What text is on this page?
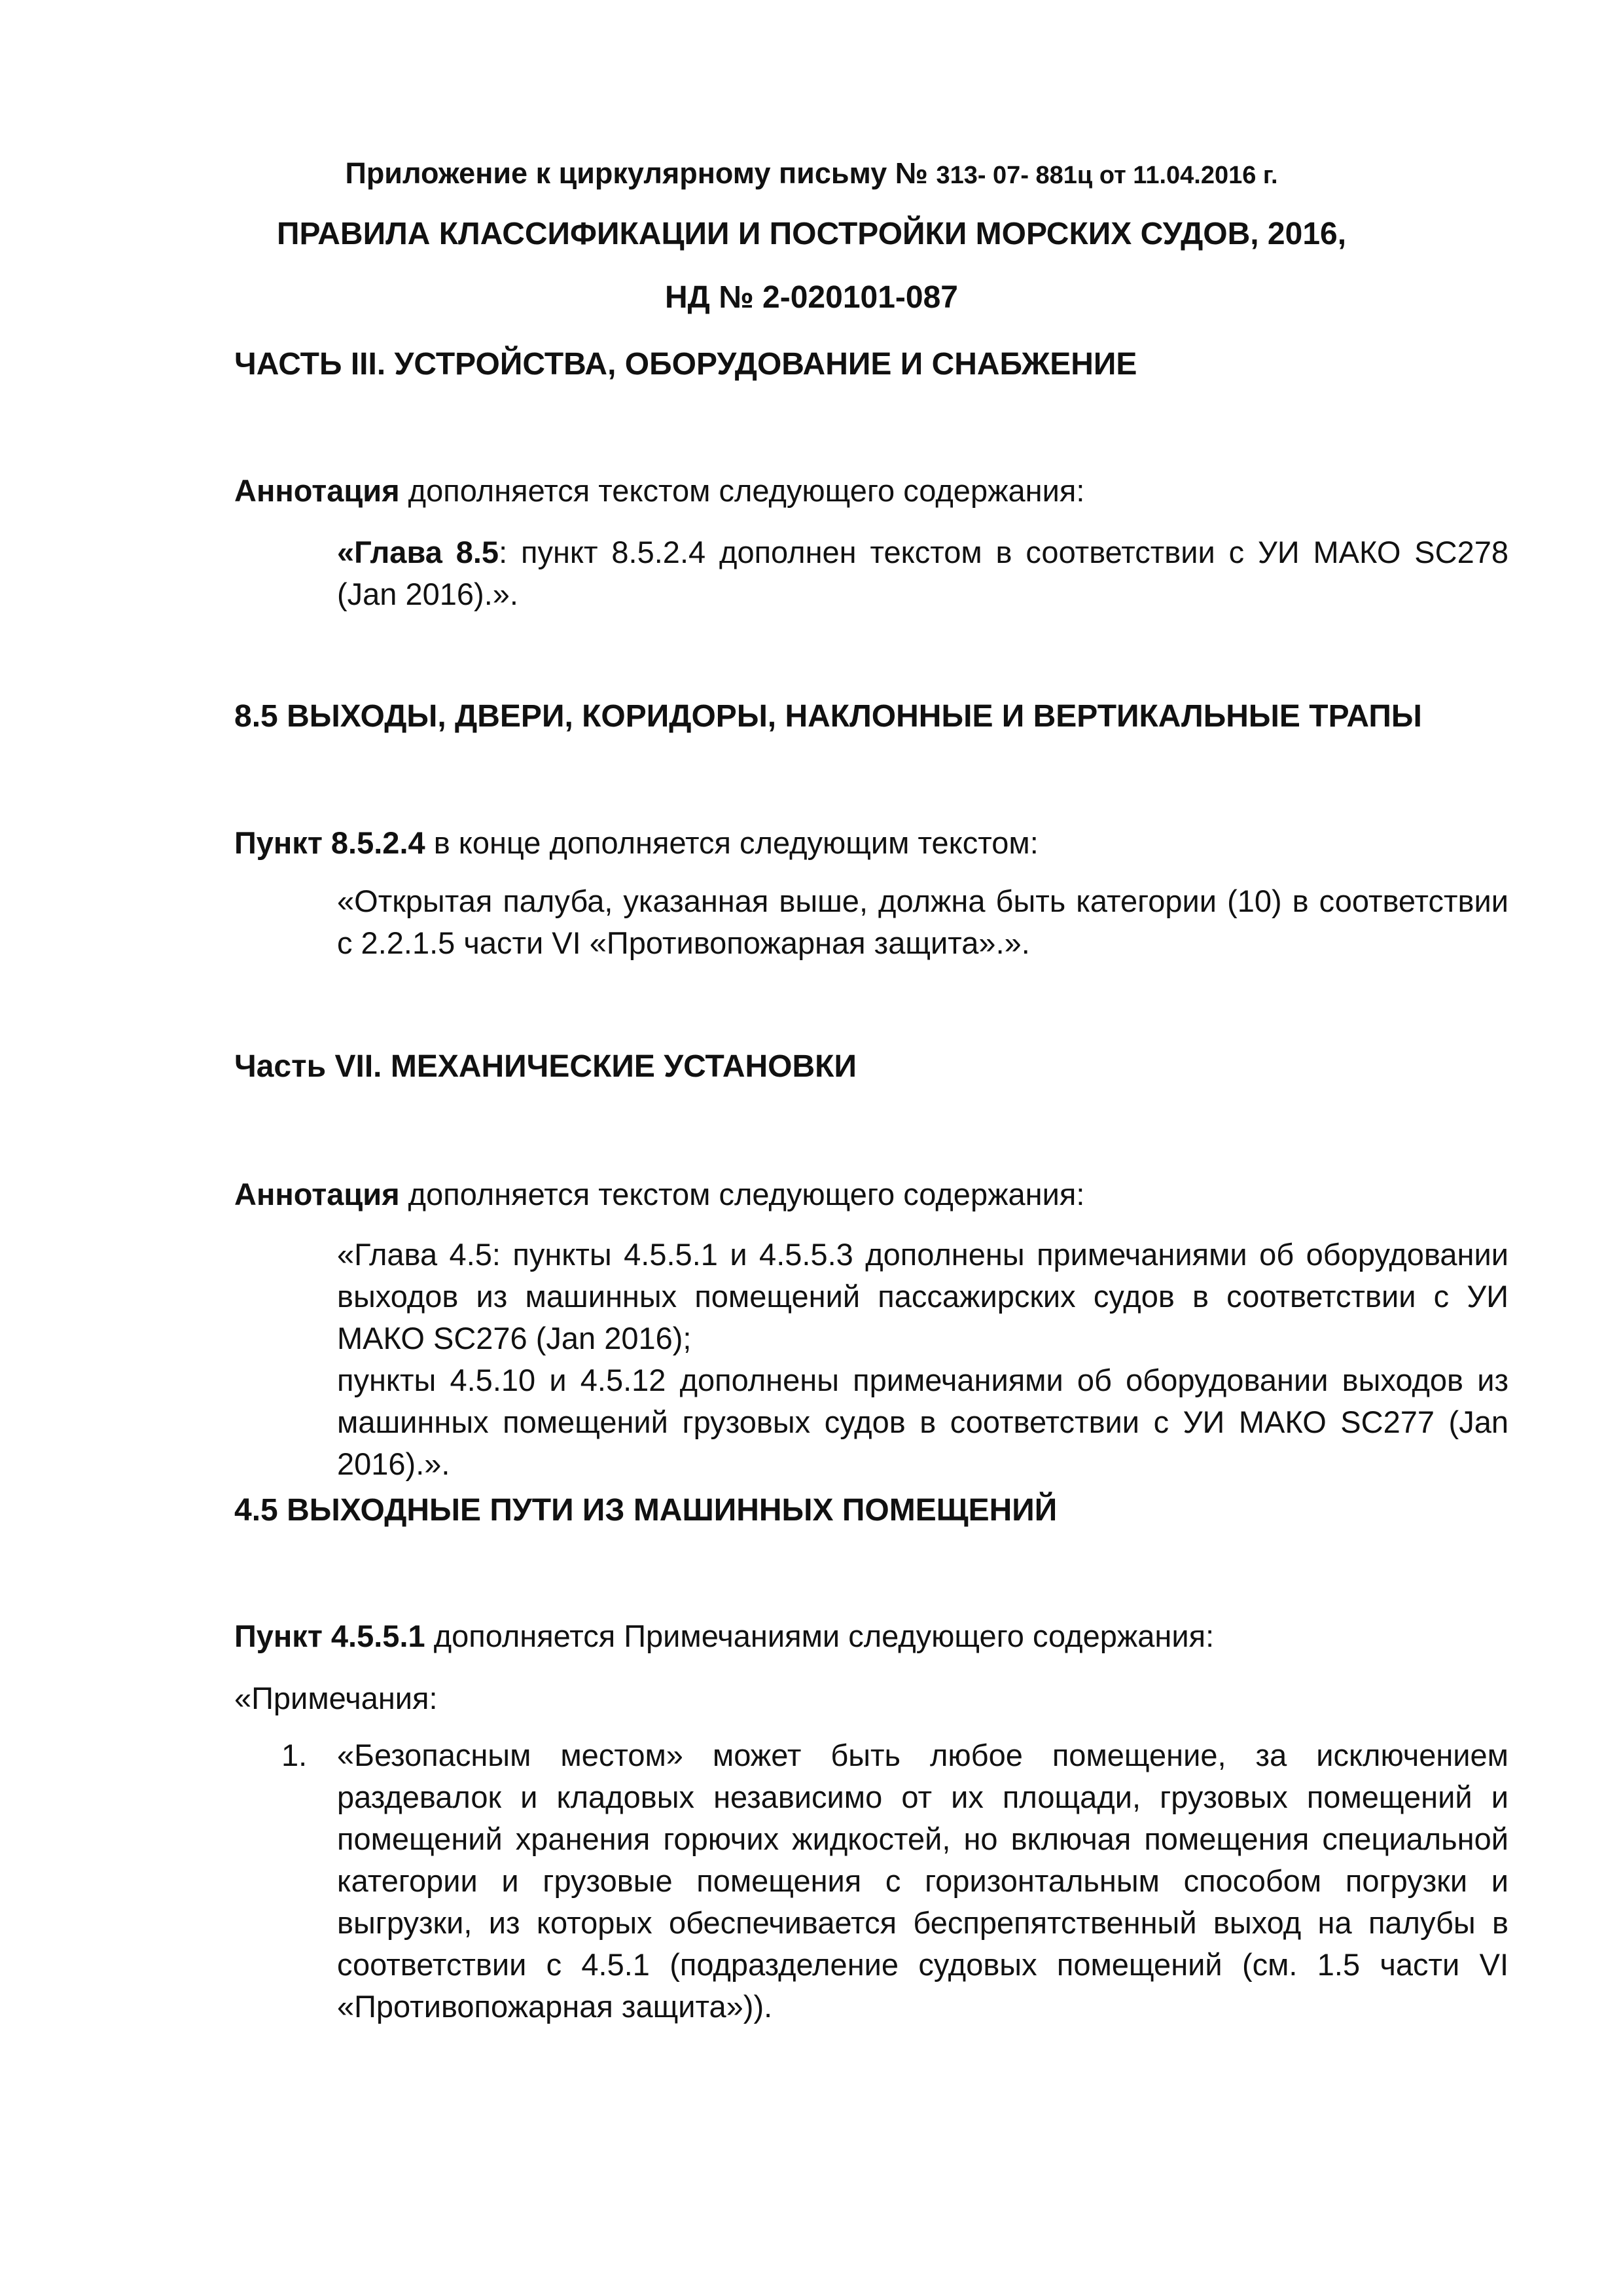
Приложение к циркулярному письму № 313- 07- 881ц от 11.04.2016 г.
ПРАВИЛА КЛАССИФИКАЦИИ И ПОСТРОЙКИ МОРСКИХ СУДОВ, 2016,
НД № 2-020101-087
ЧАСТЬ III. УСТРОЙСТВА, ОБОРУДОВАНИЕ И СНАБЖЕНИЕ
Аннотация дополняется текстом следующего содержания:
«Глава 8.5: пункт 8.5.2.4 дополнен текстом в соответствии с УИ МАКО SC278 (Jan 2016).».
8.5 ВЫХОДЫ, ДВЕРИ, КОРИДОРЫ, НАКЛОННЫЕ И ВЕРТИКАЛЬНЫЕ ТРАПЫ
Пункт 8.5.2.4 в конце дополняется следующим текстом:
«Открытая палуба, указанная выше, должна быть категории (10) в соответствии с 2.2.1.5 части VI «Противопожарная защита».».
Часть VII. МЕХАНИЧЕСКИЕ УСТАНОВКИ
Аннотация дополняется текстом следующего содержания:
«Глава 4.5: пункты 4.5.5.1 и 4.5.5.3 дополнены примечаниями об оборудовании выходов из машинных помещений пассажирских судов в соответствии с УИ МАКО SC276 (Jan 2016);
пункты 4.5.10 и 4.5.12 дополнены примечаниями об оборудовании выходов из машинных помещений грузовых судов в соответствии с УИ МАКО SC277 (Jan 2016).».
4.5 ВЫХОДНЫЕ ПУТИ ИЗ МАШИННЫХ ПОМЕЩЕНИЙ
Пункт 4.5.5.1 дополняется Примечаниями следующего содержания:
«Примечания:
1. «Безопасным местом» может быть любое помещение, за исключением раздевалок и кладовых независимо от их площади, грузовых помещений и помещений хранения горючих жидкостей, но включая помещения специальной категории и грузовые помещения с горизонтальным способом погрузки и выгрузки, из которых обеспечивается беспрепятственный выход на палубы в соответствии с 4.5.1 (подразделение судовых помещений (см. 1.5 части VI «Противопожарная защита»)).
